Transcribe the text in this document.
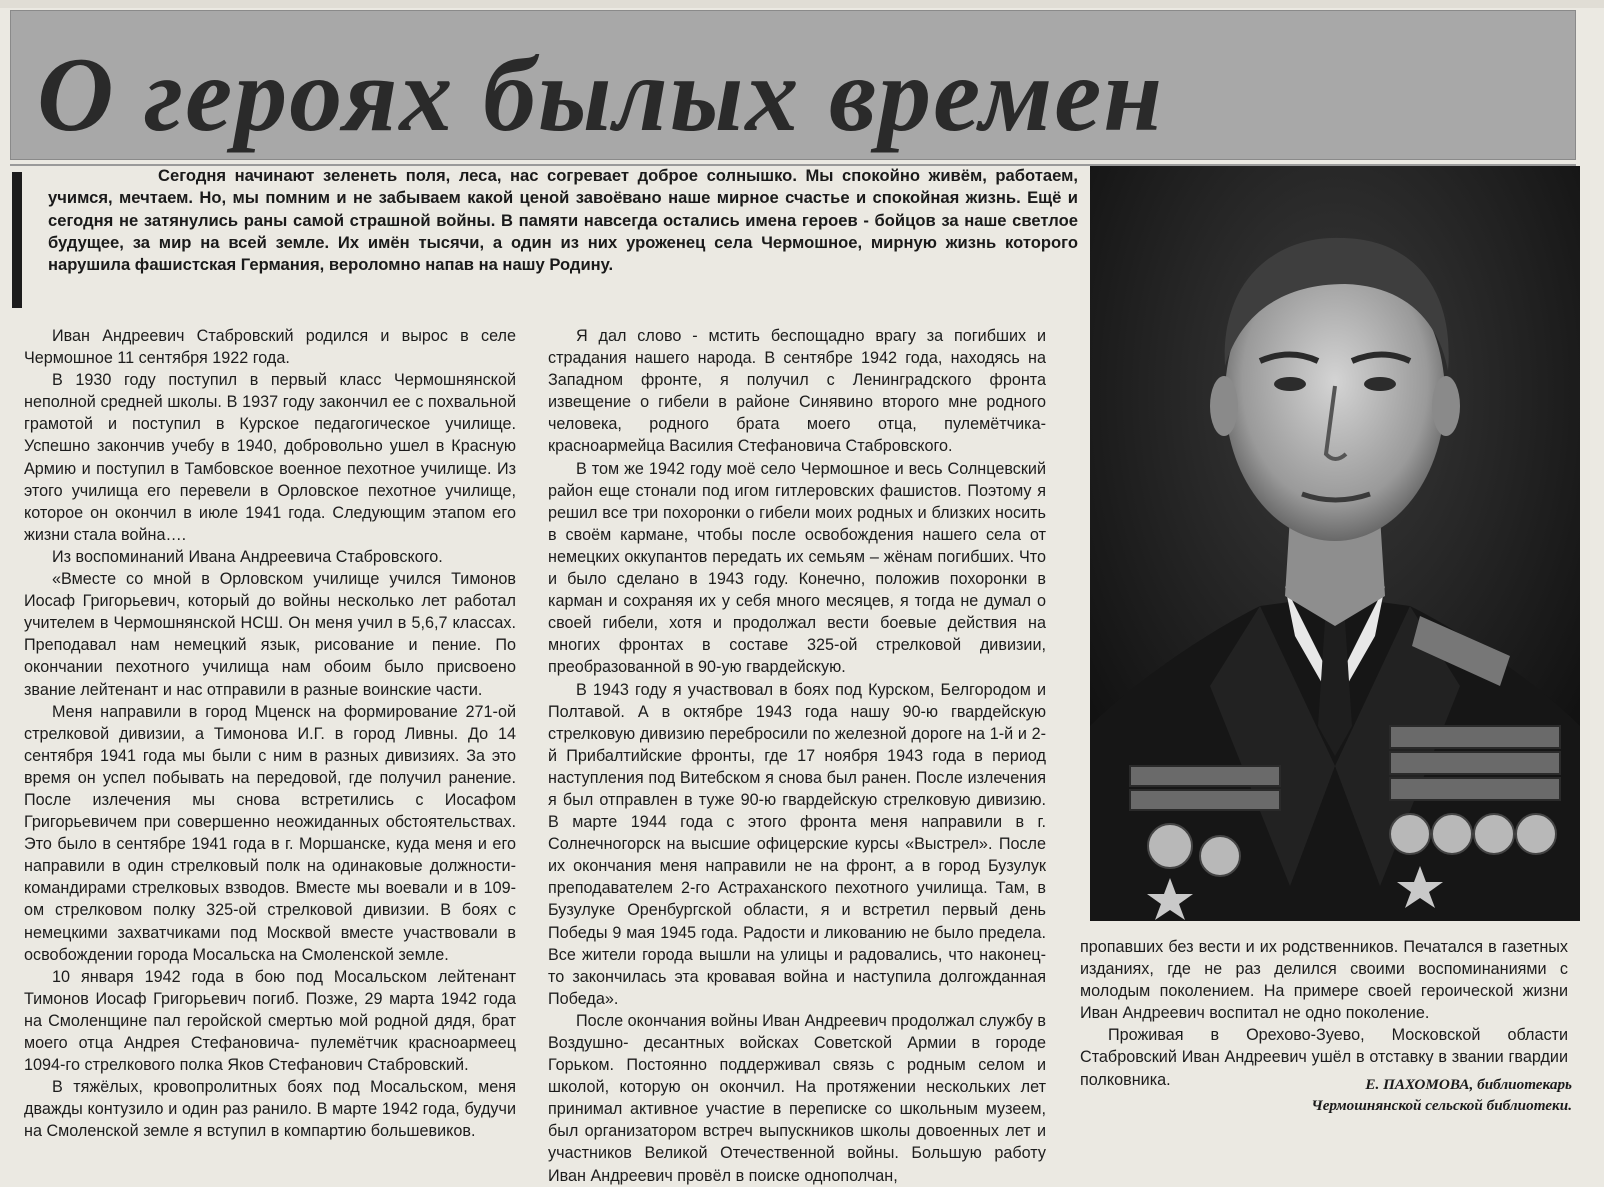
О героях былых времен
Сегодня начинают зеленеть поля, леса, нас согревает доброе солнышко. Мы спокойно живём, работаем, учимся, мечтаем. Но, мы помним и не забываем какой ценой завоёвано наше мирное счастье и спокойная жизнь. Ещё и сегодня не затянулись раны самой страшной войны. В памяти навсегда остались имена героев - бойцов за наше светлое будущее, за мир на всей земле. Их имён тысячи, а один из них уроженец села Чермошное, мирную жизнь которого нарушила фашистская Германия, вероломно напав на нашу Родину.

Иван Андреевич Стабровский родился и вырос в селе Чермошное 11 сентября 1922 года.

В 1930 году поступил в первый класс Чермошнянской неполной средней школы. В 1937 году закончил ее с похвальной грамотой и поступил в Курское педагогическое училище. Успешно закончив учебу в 1940, добровольно ушел в Красную Армию и поступил в Тамбовское военное пехотное училище. Из этого училища его перевели в Орловское пехотное училище, которое он окончил в июле 1941 года. Следующим этапом его жизни стала война….

Из воспоминаний Ивана Андреевича Стабровского.

«Вместе со мной в Орловском училище учился Тимонов Иосаф Григорьевич, который до войны несколько лет работал учителем в Чермошнянской НСШ. Он меня учил в 5,6,7 классах. Преподавал нам немецкий язык, рисование и пение. По окончании пехотного училища нам обоим было присвоено звание лейтенант и нас отправили в разные воинские части.

Меня направили в город Мценск на формирование 271-ой стрелковой дивизии, а Тимонова И.Г. в город Ливны. До 14 сентября 1941 года мы были с ним в разных дивизиях. За это время он успел побывать на передовой, где получил ранение. После излечения мы снова встретились с Иосафом Григорьевичем при совершенно неожиданных обстоятельствах. Это было в сентябре 1941 года в г. Моршанске, куда меня и его направили в один стрелковый полк на одинаковые должности- командирами стрелковых взводов. Вместе мы воевали и в 109-ом стрелковом полку 325-ой стрелковой дивизии. В боях с немецкими захватчиками под Москвой вместе участвовали в освобождении города Мосальска на Смоленской земле.

10 января 1942 года в бою под Мосальском лейтенант Тимонов Иосаф Григорьевич погиб. Позже, 29 марта 1942 года на Смоленщине пал геройской смертью мой родной дядя, брат моего отца Андрея Стефановича- пулемётчик красноармеец 1094-го стрелкового полка Яков Стефанович Стабровский.

В тяжёлых, кровопролитных боях под Мосальском, меня дважды контузило и один раз ранило. В марте 1942 года, будучи на Смоленской земле я вступил в компартию большевиков.

Я дал слово - мстить беспощадно врагу за погибших и страдания нашего народа. В сентябре 1942 года, находясь на Западном фронте, я получил с Ленинградского фронта извещение о гибели в районе Синявино второго мне родного человека, родного брата моего отца, пулемётчика-красноармейца Василия Стефановича Стабровского.

В том же 1942 году моё село Чермошное и весь Солнцевский район еще стонали под игом гитлеровских фашистов. Поэтому я решил все три похоронки о гибели моих родных и близких носить в своём кармане, чтобы после освобождения нашего села от немецких оккупантов передать их семьям – жёнам погибших. Что и было сделано в 1943 году. Конечно, положив похоронки в карман и сохраняя их у себя много месяцев, я тогда не думал о своей гибели, хотя и продолжал вести боевые действия на многих фронтах в составе 325-ой стрелковой дивизии, преобразованной в 90-ую гвардейскую.

В 1943 году я участвовал в боях под Курском, Белгородом и Полтавой. А в октябре 1943 года нашу 90-ю гвардейскую стрелковую дивизию перебросили по железной дороге на 1-й и 2-й Прибалтийские фронты, где 17 ноября 1943 года в период наступления под Витебском я снова был ранен. После излечения я был отправлен в туже 90-ю гвардейскую стрелковую дивизию. В марте 1944 года с этого фронта меня направили в г. Солнечногорск на высшие офицерские курсы «Выстрел». После их окончания меня направили не на фронт, а в город Бузулук преподавателем 2-го Астраханского пехотного училища. Там, в Бузулуке Оренбургской области, я и встретил первый день Победы 9 мая 1945 года. Радости и ликованию не было предела. Все жители города вышли на улицы и радовались, что наконец-то закончилась эта кровавая война и наступила долгожданная Победа».

После окончания войны Иван Андреевич продолжал службу в Воздушно- десантных войсках Советской Армии в городе Горьком. Постоянно поддерживал связь с родным селом и школой, которую он окончил. На протяжении нескольких лет принимал активное участие в переписке со школьным музеем, был организатором встреч выпускников школы довоенных лет и участников Великой Отечественной войны. Большую работу Иван Андреевич провёл в поиске однополчан,

пропавших без вести и их родственников. Печатался в газетных изданиях, где не раз делился своими воспоминаниями с молодым поколением. На примере своей героической жизни Иван Андреевич воспитал не одно поколение.

Проживая в Орехово-Зуево, Московской области Стабровский Иван Андреевич ушёл в отставку в звании гвардии полковника.	Е. ПАХОМОВА, библиотекарь
Чермошнянской сельской библиотеки.
